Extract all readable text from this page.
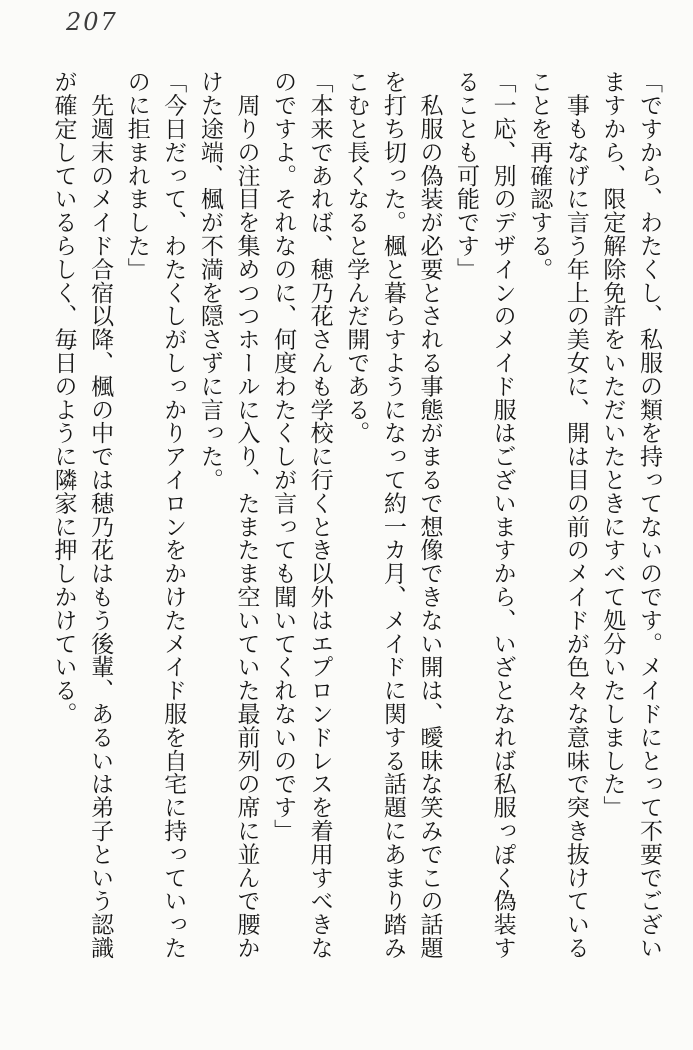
207

「ですから、わたくし、私服の類を持ってないのです。メイドにとって不要でござい

ますから、限定解除免許をいただいたときにすべて処分いたしました」

　事もなげに言う年上の美女に、開は目の前のメイドが色々な意味で突き抜けている

ことを再確認する。

「一応、別のデザインのメイド服はございますから、いざとなれば私服っぽく偽装す

ることも可能です」

　私服の偽装が必要とされる事態がまるで想像できない開は、曖昧な笑みでこの話題

を打ち切った。楓と暮らすようになって約一カ月、メイドに関する話題にあまり踏み

こむと長くなると学んだ開である。

「本来であれば、穂乃花さんも学校に行くとき以外はエプロンドレスを着用すべきな

のですよ。それなのに、何度わたくしが言っても聞いてくれないのです」

　周りの注目を集めつつホールに入り、たまたま空いていた最前列の席に並んで腰か

けた途端、楓が不満を隠さずに言った。

「今日だって、わたくしがしっかりアイロンをかけたメイド服を自宅に持っていった

のに拒まれました」

　先週末のメイド合宿以降、楓の中では穂乃花はもう後輩、あるいは弟子という認識

が確定しているらしく、毎日のように隣家に押しかけている。
